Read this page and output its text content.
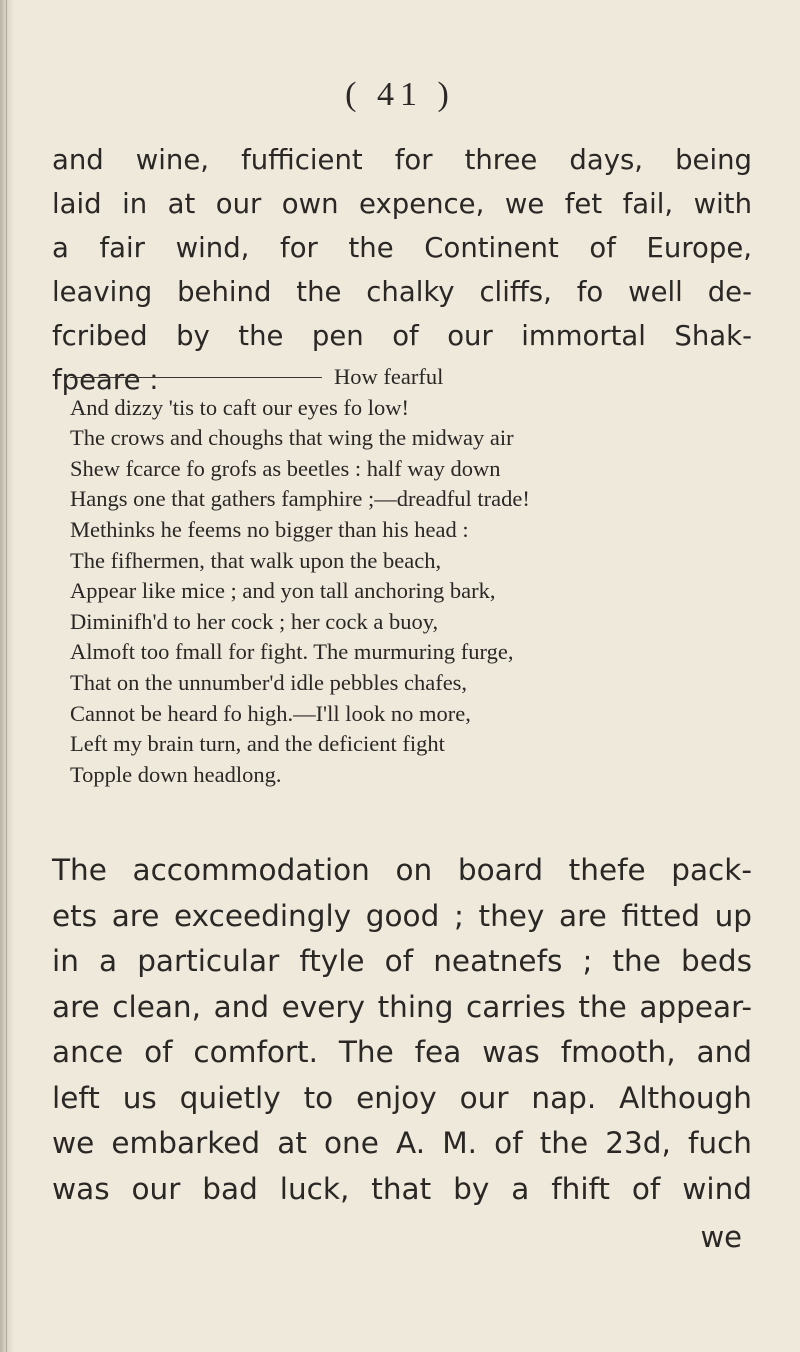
( 41 )
and wine, fufficient for three days, being
laid in at our own expence, we fet fail, with
a fair wind, for the Continent of Europe,
leaving behind the chalky cliffs, fo well de-
fcribed by the pen of our immortal Shak-
fpeare :	How fearful
And dizzy 'tis to caft our eyes fo low!
The crows and choughs that wing the midway air
Shew fcarce fo grofs as beetles : half way down
Hangs one that gathers famphire ;—dreadful trade!
Methinks he feems no bigger than his head :
The fifhermen, that walk upon the beach,
Appear like mice ; and yon tall anchoring bark,
Diminifh'd to her cock ; her cock a buoy,
Almoft too fmall for fight. The murmuring furge,
That on the unnumber'd idle pebbles chafes,
Cannot be heard fo high.—I'll look no more,
Left my brain turn, and the deficient fight
Topple down headlong.
The accommodation on board thefe pack-
ets are exceedingly good ; they are fitted up
in a particular ftyle of neatnefs ; the beds
are clean, and every thing carries the appear-
ance of comfort. The fea was fmooth, and
left us quietly to enjoy our nap. Although
we embarked at one A. M. of the 23d, fuch
was our bad luck, that by a fhift of wind
we
